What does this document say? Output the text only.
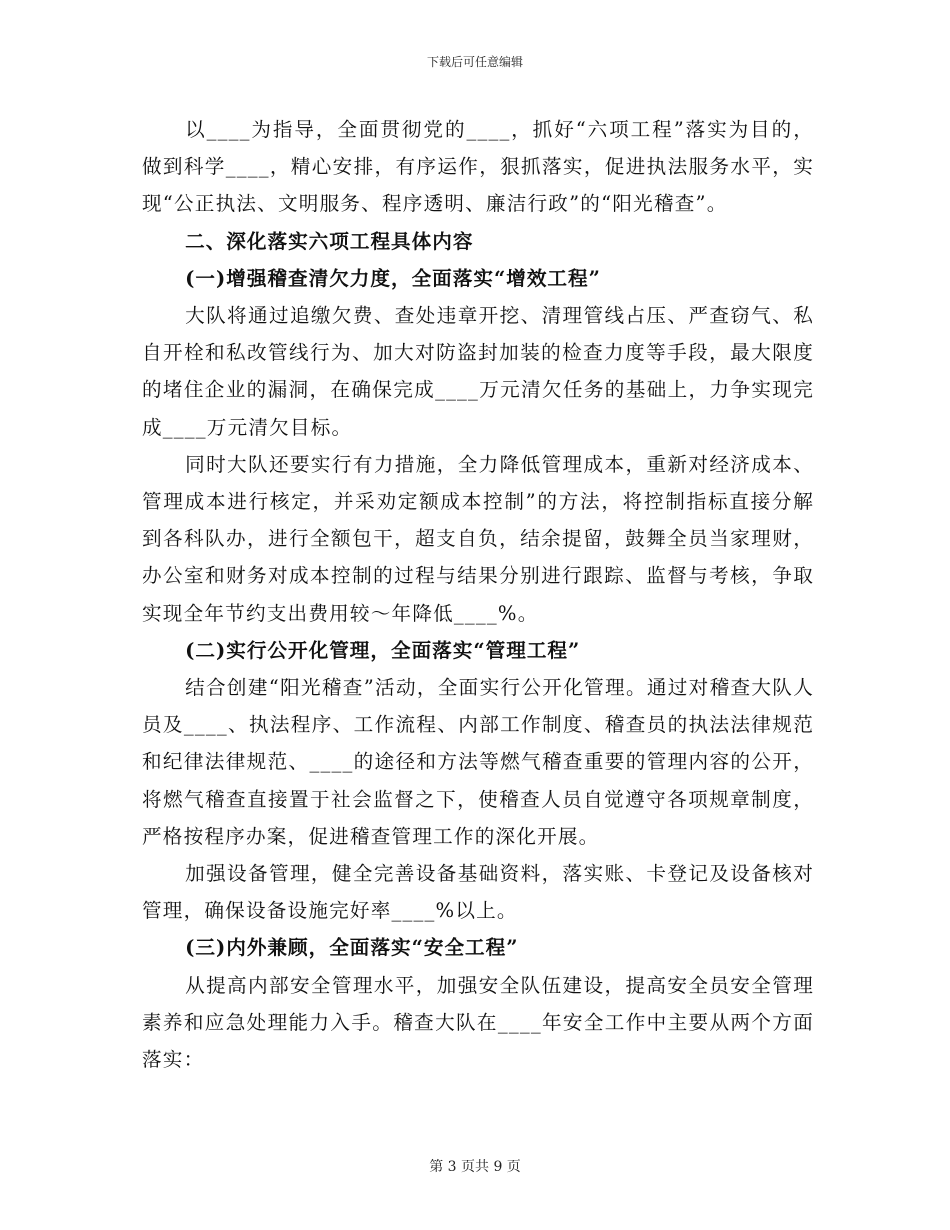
下载后可任意编辑

以____为指导，全面贯彻党的____，抓好“六项工程”落实为目的，做到科学____，精心安排，有序运作，狠抓落实，促进执法服务水平，实现“公正执法、文明服务、程序透明、廉洁行政”的“阳光稽查”。

二、深化落实六项工程具体内容

(一)增强稽查清欠力度，全面落实“增效工程”

大队将通过追缴欠费、查处违章开挖、清理管线占压、严查窃气、私自开栓和私改管线行为、加大对防盗封加装的检查力度等手段，最大限度的堵住企业的漏洞，在确保完成____万元清欠任务的基础上，力争实现完成____万元清欠目标。

同时大队还要实行有力措施，全力降低管理成本，重新对经济成本、管理成本进行核定，并采劝定额成本控制”的方法，将控制指标直接分解到各科队办，进行全额包干，超支自负，结余提留，鼓舞全员当家理财，办公室和财务对成本控制的过程与结果分别进行跟踪、监督与考核，争取实现全年节约支出费用较～年降低____%。

(二)实行公开化管理，全面落实“管理工程”

结合创建“阳光稽查”活动，全面实行公开化管理。通过对稽查大队人员及____、执法程序、工作流程、内部工作制度、稽查员的执法法律规范和纪律法律规范、____的途径和方法等燃气稽查重要的管理内容的公开，将燃气稽查直接置于社会监督之下，使稽查人员自觉遵守各项规章制度，严格按程序办案，促进稽查管理工作的深化开展。

加强设备管理，健全完善设备基础资料，落实账、卡登记及设备核对管理，确保设备设施完好率____%以上。

(三)内外兼顾，全面落实“安全工程”

从提高内部安全管理水平，加强安全队伍建设，提高安全员安全管理素养和应急处理能力入手。稽查大队在____年安全工作中主要从两个方面落实：

第 3 页共 9 页
